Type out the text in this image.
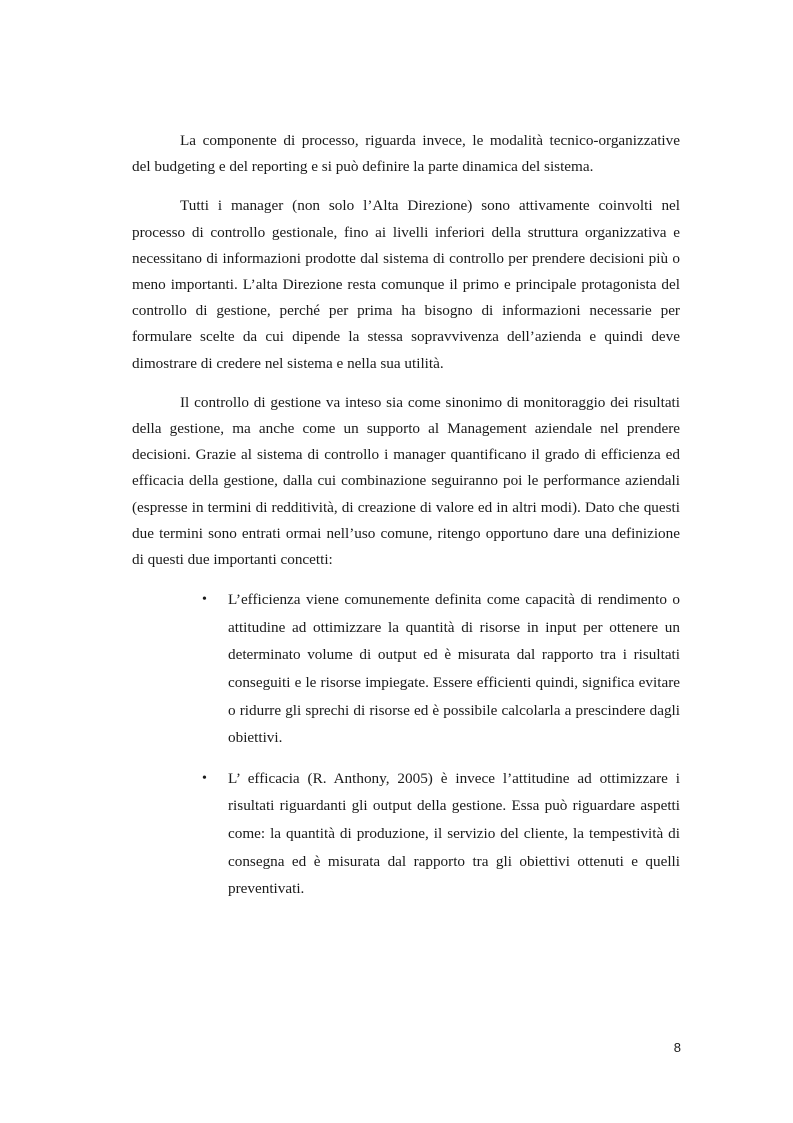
La componente di processo, riguarda invece, le modalità tecnico-organizzative del budgeting e del reporting e si può definire la parte dinamica del sistema.

Tutti i manager (non solo l’Alta Direzione) sono attivamente coinvolti nel processo di controllo gestionale, fino ai livelli inferiori della struttura organizzativa e necessitano di informazioni prodotte dal sistema di controllo per prendere decisioni più o meno importanti. L’alta Direzione resta comunque il primo e principale protagonista del controllo di gestione, perché per prima ha bisogno di informazioni necessarie per formulare scelte da cui dipende la stessa sopravvivenza dell’azienda e quindi deve dimostrare di credere nel sistema e nella sua utilità.

Il controllo di gestione va inteso sia come sinonimo di monitoraggio dei risultati della gestione, ma anche come un supporto al Management aziendale nel prendere decisioni. Grazie al sistema di controllo i manager quantificano il grado di efficienza ed efficacia della gestione, dalla cui combinazione seguiranno poi le performance aziendali (espresse in termini di redditività, di creazione di valore ed in altri modi). Dato che questi due termini sono entrati ormai nell’uso comune, ritengo opportuno dare una definizione di questi due importanti concetti:

• L’efficienza viene comunemente definita come capacità di rendimento o attitudine ad ottimizzare la quantità di risorse in input per ottenere un determinato volume di output ed è misurata dal rapporto tra i risultati conseguiti e le risorse impiegate. Essere efficienti quindi, significa evitare o ridurre gli sprechi di risorse ed è possibile calcolarla a prescindere dagli obiettivi.
• L’ efficacia (R. Anthony, 2005) è invece l’attitudine ad ottimizzare i risultati riguardanti gli output della gestione. Essa può riguardare aspetti come: la quantità di produzione, il servizio del cliente, la tempestività di consegna ed è misurata dal rapporto tra gli obiettivi ottenuti e quelli preventivati.
8
